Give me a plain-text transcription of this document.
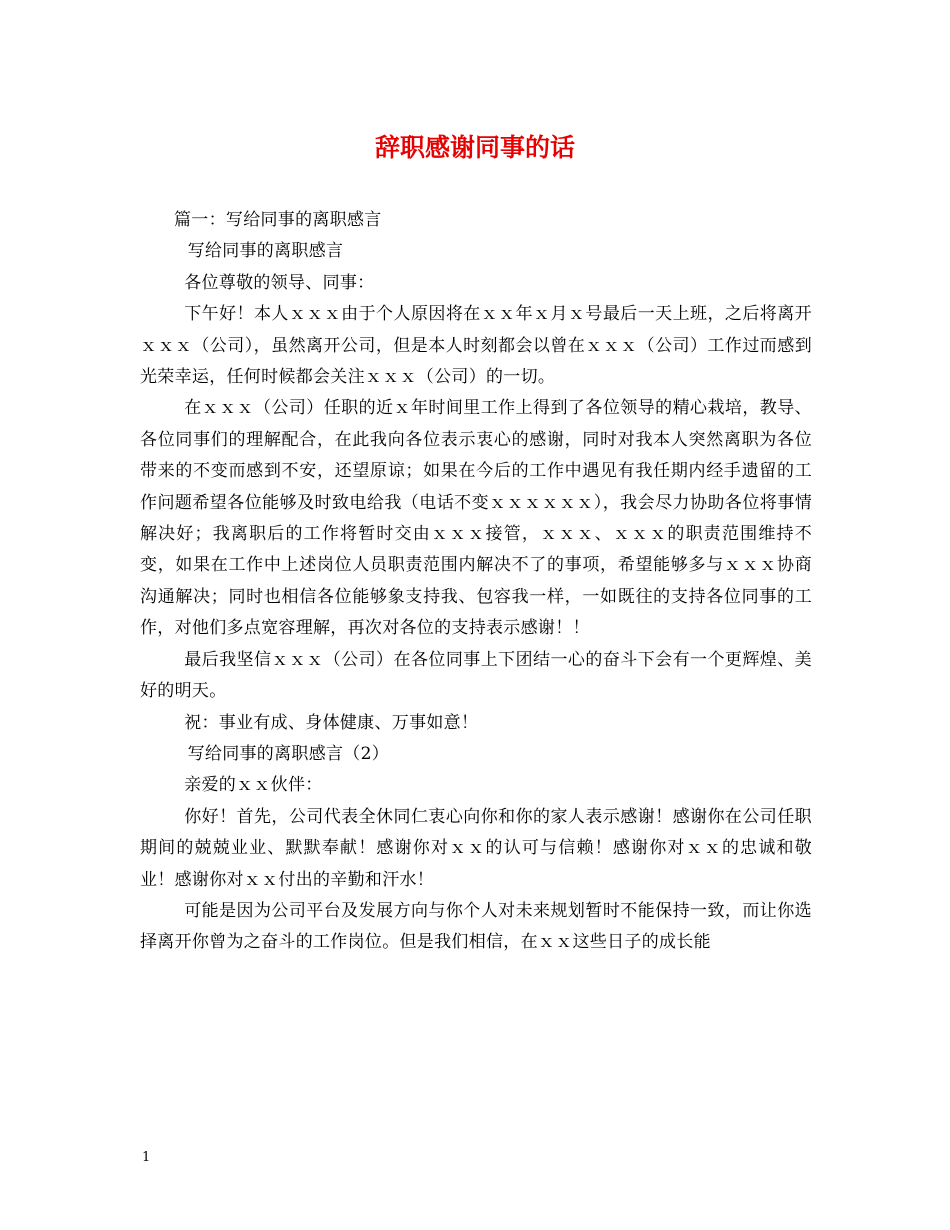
辞职感谢同事的话

篇一：写给同事的离职感言

写给同事的离职感言

各位尊敬的领导、同事：

下午好！本人ｘｘｘ由于个人原因将在ｘｘ年ｘ月ｘ号最后一天上班，之后将离开ｘｘｘ（公司），虽然离开公司，但是本人时刻都会以曾在ｘｘｘ（公司）工作过而感到光荣幸运，任何时候都会关注ｘｘｘ（公司）的一切。

在ｘｘｘ（公司）任职的近ｘ年时间里工作上得到了各位领导的精心栽培，教导、各位同事们的理解配合，在此我向各位表示衷心的感谢，同时对我本人突然离职为各位带来的不变而感到不安，还望原谅；如果在今后的工作中遇见有我任期内经手遗留的工作问题希望各位能够及时致电给我（电话不变ｘｘｘｘｘｘ），我会尽力协助各位将事情解决好；我离职后的工作将暂时交由ｘｘｘ接管，ｘｘｘ、ｘｘｘ的职责范围维持不变，如果在工作中上述岗位人员职责范围内解决不了的事项，希望能够多与ｘｘｘ协商沟通解决；同时也相信各位能够象支持我、包容我一样，一如既往的支持各位同事的工作，对他们多点宽容理解，再次对各位的支持表示感谢！！

最后我坚信ｘｘｘ（公司）在各位同事上下团结一心的奋斗下会有一个更辉煌、美好的明天。

祝：事业有成、身体健康、万事如意！

写给同事的离职感言（2）

亲爱的ｘｘ伙伴：

你好！首先，公司代表全休同仁衷心向你和你的家人表示感谢！感谢你在公司任职期间的兢兢业业、默默奉献！感谢你对ｘｘ的认可与信赖！感谢你对ｘｘ的忠诚和敬业！感谢你对ｘｘ付出的辛勤和汗水！

可能是因为公司平台及发展方向与你个人对未来规划暂时不能保持一致，而让你选择离开你曾为之奋斗的工作岗位。但是我们相信，在ｘｘ这些日子的成长能

1
